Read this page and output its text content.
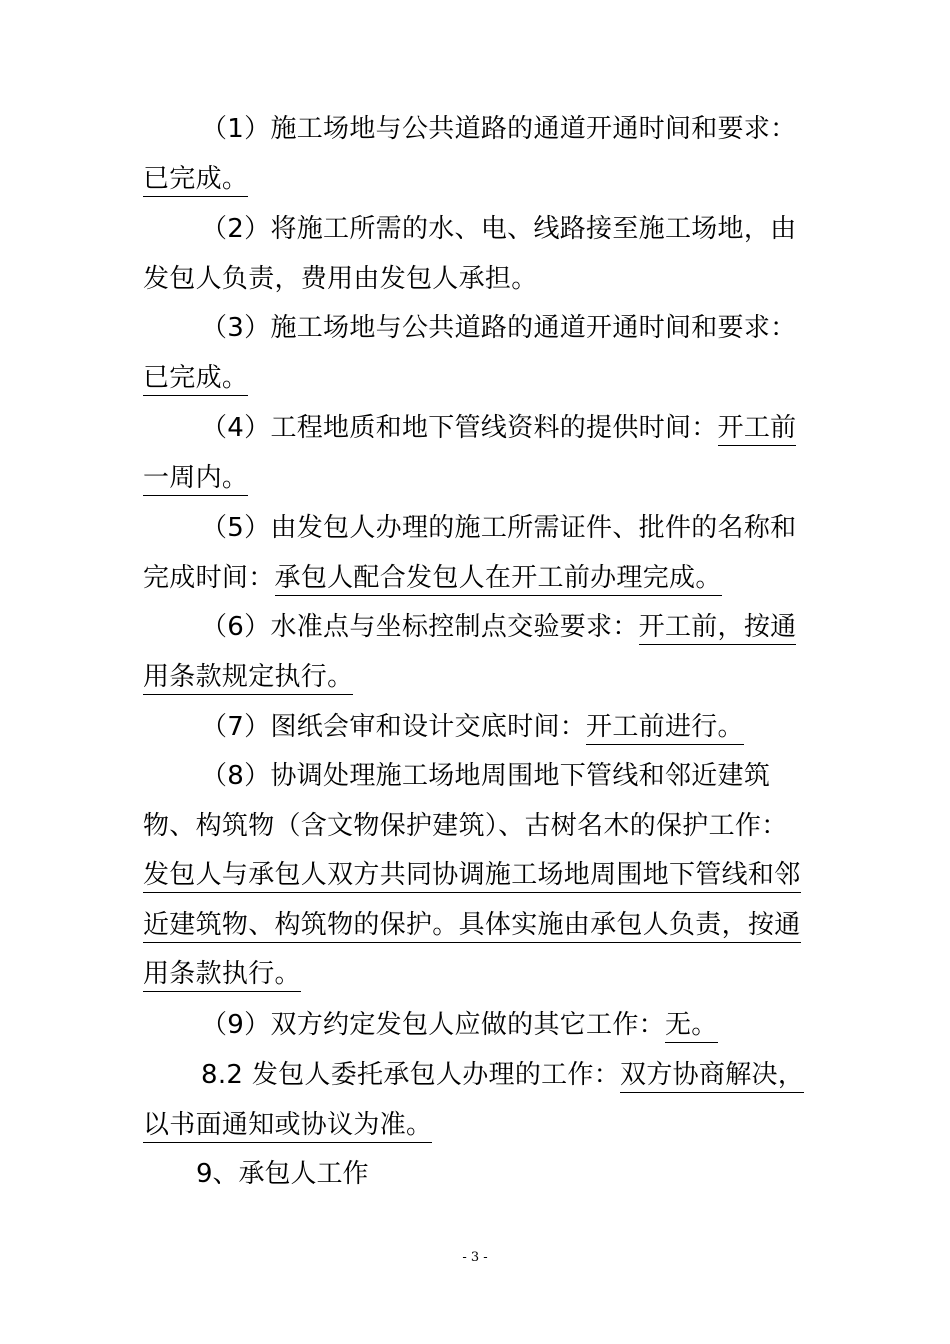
（1）施工场地与公共道路的通道开通时间和要求：已完成。

（2）将施工所需的水、电、线路接至施工场地，由发包人负责，费用由发包人承担。

（3）施工场地与公共道路的通道开通时间和要求：已完成。

（4）工程地质和地下管线资料的提供时间：开工前一周内。

（5）由发包人办理的施工所需证件、批件的名称和完成时间：承包人配合发包人在开工前办理完成。

（6）水准点与坐标控制点交验要求：开工前，按通用条款规定执行。

（7）图纸会审和设计交底时间：开工前进行。

（8）协调处理施工场地周围地下管线和邻近建筑物、构筑物（含文物保护建筑）、古树名木的保护工作：发包人与承包人双方共同协调施工场地周围地下管线和邻近建筑物、构筑物的保护。具体实施由承包人负责，按通用条款执行。

（9）双方约定发包人应做的其它工作：无。

8.2 发包人委托承包人办理的工作：双方协商解决，以书面通知或协议为准。

9、承包人工作

- 3 -
